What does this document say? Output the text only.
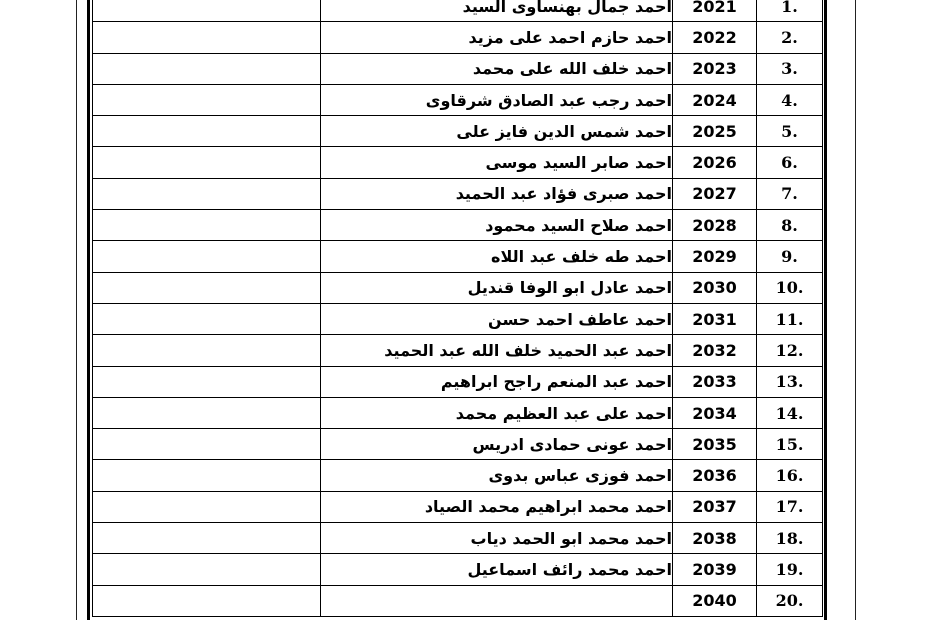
	احمد جمال بهنساوى السيد	2021	1.
	احمد حازم احمد على مزيد	2022	2.
	احمد خلف الله على محمد	2023	3.
	احمد رجب عبد الصادق شرقاوى	2024	4.
	احمد شمس الدين فايز على	2025	5.
	احمد صابر السيد موسى	2026	6.
	احمد صبرى فؤاد عبد الحميد	2027	7.
	احمد صلاح السيد محمود	2028	8.
	احمد طه خلف عبد اللاه	2029	9.
	احمد عادل ابو الوفا قنديل	2030	10.
	احمد عاطف احمد حسن	2031	11.
	احمد عبد الحميد خلف الله عبد الحميد	2032	12.
	احمد عبد المنعم راجح ابراهيم	2033	13.
	احمد على عبد العظيم محمد	2034	14.
	احمد عونى حمادى ادريس	2035	15.
	احمد فوزى عباس بدوى	2036	16.
	احمد محمد ابراهيم محمد الصياد	2037	17.
	احمد محمد ابو الحمد دياب	2038	18.
	احمد محمد رائف اسماعيل	2039	19.
		2040	20.
